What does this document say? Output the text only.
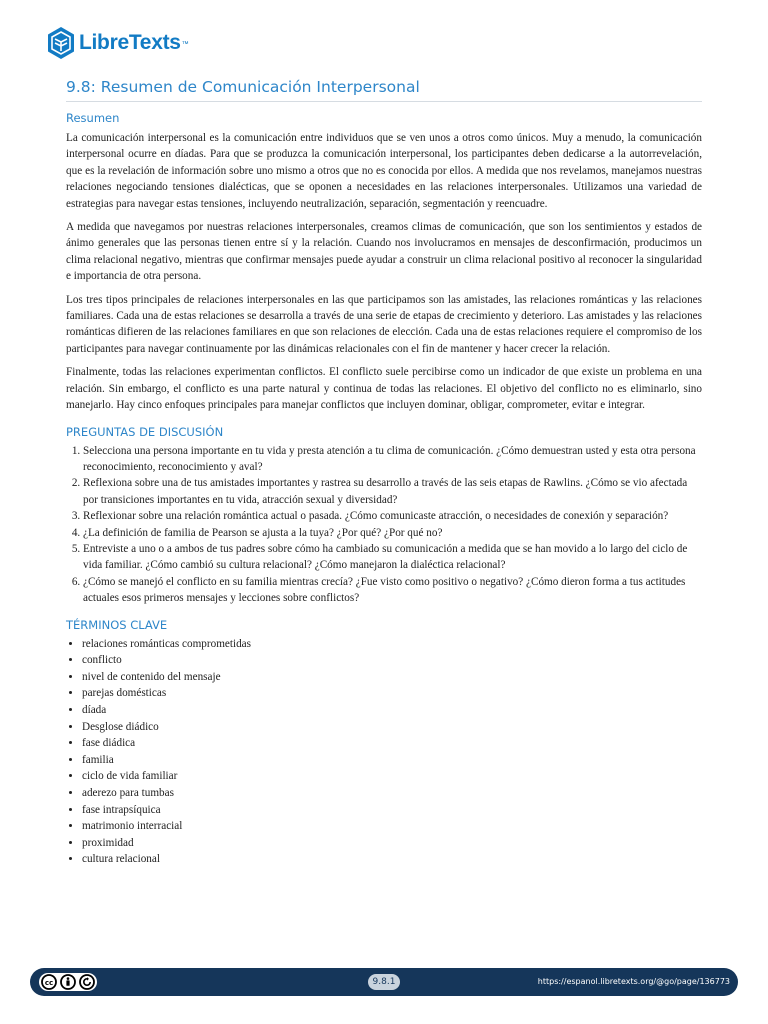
LibreTexts ™
9.8: Resumen de Comunicación Interpersonal
Resumen

La comunicación interpersonal es la comunicación entre individuos que se ven unos a otros como únicos. Muy a menudo, la comunicación interpersonal ocurre en díadas. Para que se produzca la comunicación interpersonal, los participantes deben dedicarse a la autorrevelación, que es la revelación de información sobre uno mismo a otros que no es conocida por ellos. A medida que nos revelamos, manejamos nuestras relaciones negociando tensiones dialécticas, que se oponen a necesidades en las relaciones interpersonales. Utilizamos una variedad de estrategias para navegar estas tensiones, incluyendo neutralización, separación, segmentación y reencuadre.

A medida que navegamos por nuestras relaciones interpersonales, creamos climas de comunicación, que son los sentimientos y estados de ánimo generales que las personas tienen entre sí y la relación. Cuando nos involucramos en mensajes de desconfirmación, producimos un clima relacional negativo, mientras que confirmar mensajes puede ayudar a construir un clima relacional positivo al reconocer la singularidad e importancia de otra persona.

Los tres tipos principales de relaciones interpersonales en las que participamos son las amistades, las relaciones románticas y las relaciones familiares. Cada una de estas relaciones se desarrolla a través de una serie de etapas de crecimiento y deterioro. Las amistades y las relaciones románticas difieren de las relaciones familiares en que son relaciones de elección. Cada una de estas relaciones requiere el compromiso de los participantes para navegar continuamente por las dinámicas relacionales con el fin de mantener y hacer crecer la relación.

Finalmente, todas las relaciones experimentan conflictos. El conflicto suele percibirse como un indicador de que existe un problema en una relación. Sin embargo, el conflicto es una parte natural y continua de todas las relaciones. El objetivo del conflicto no es eliminarlo, sino manejarlo. Hay cinco enfoques principales para manejar conflictos que incluyen dominar, obligar, comprometer, evitar e integrar.

PREGUNTAS DE DISCUSIÓN
1. Selecciona una persona importante en tu vida y presta atención a tu clima de comunicación. ¿Cómo demuestran usted y esta otra persona reconocimiento, reconocimiento y aval?
2. Reflexiona sobre una de tus amistades importantes y rastrea su desarrollo a través de las seis etapas de Rawlins. ¿Cómo se vio afectada por transiciones importantes en tu vida, atracción sexual y diversidad?
3. Reflexionar sobre una relación romántica actual o pasada. ¿Cómo comunicaste atracción, o necesidades de conexión y separación?
4. ¿La definición de familia de Pearson se ajusta a la tuya? ¿Por qué? ¿Por qué no?
5. Entreviste a uno o a ambos de tus padres sobre cómo ha cambiado su comunicación a medida que se han movido a lo largo del ciclo de vida familiar. ¿Cómo cambió su cultura relacional? ¿Cómo manejaron la dialéctica relacional?
6. ¿Cómo se manejó el conflicto en su familia mientras crecía? ¿Fue visto como positivo o negativo? ¿Cómo dieron forma a tus actitudes actuales esos primeros mensajes y lecciones sobre conflictos?
TÉRMINOS CLAVE
• relaciones románticas comprometidas
• conflicto
• nivel de contenido del mensaje
• parejas domésticas
• díada
• Desglose diádico
• fase diádica
• familia
• ciclo de vida familiar
• aderezo para tumbas
• fase intrapsíquica
• matrimonio interracial
• proximidad
• cultura relacional
cc	9.8.1	https://espanol.libretexts.org/@go/page/136773
